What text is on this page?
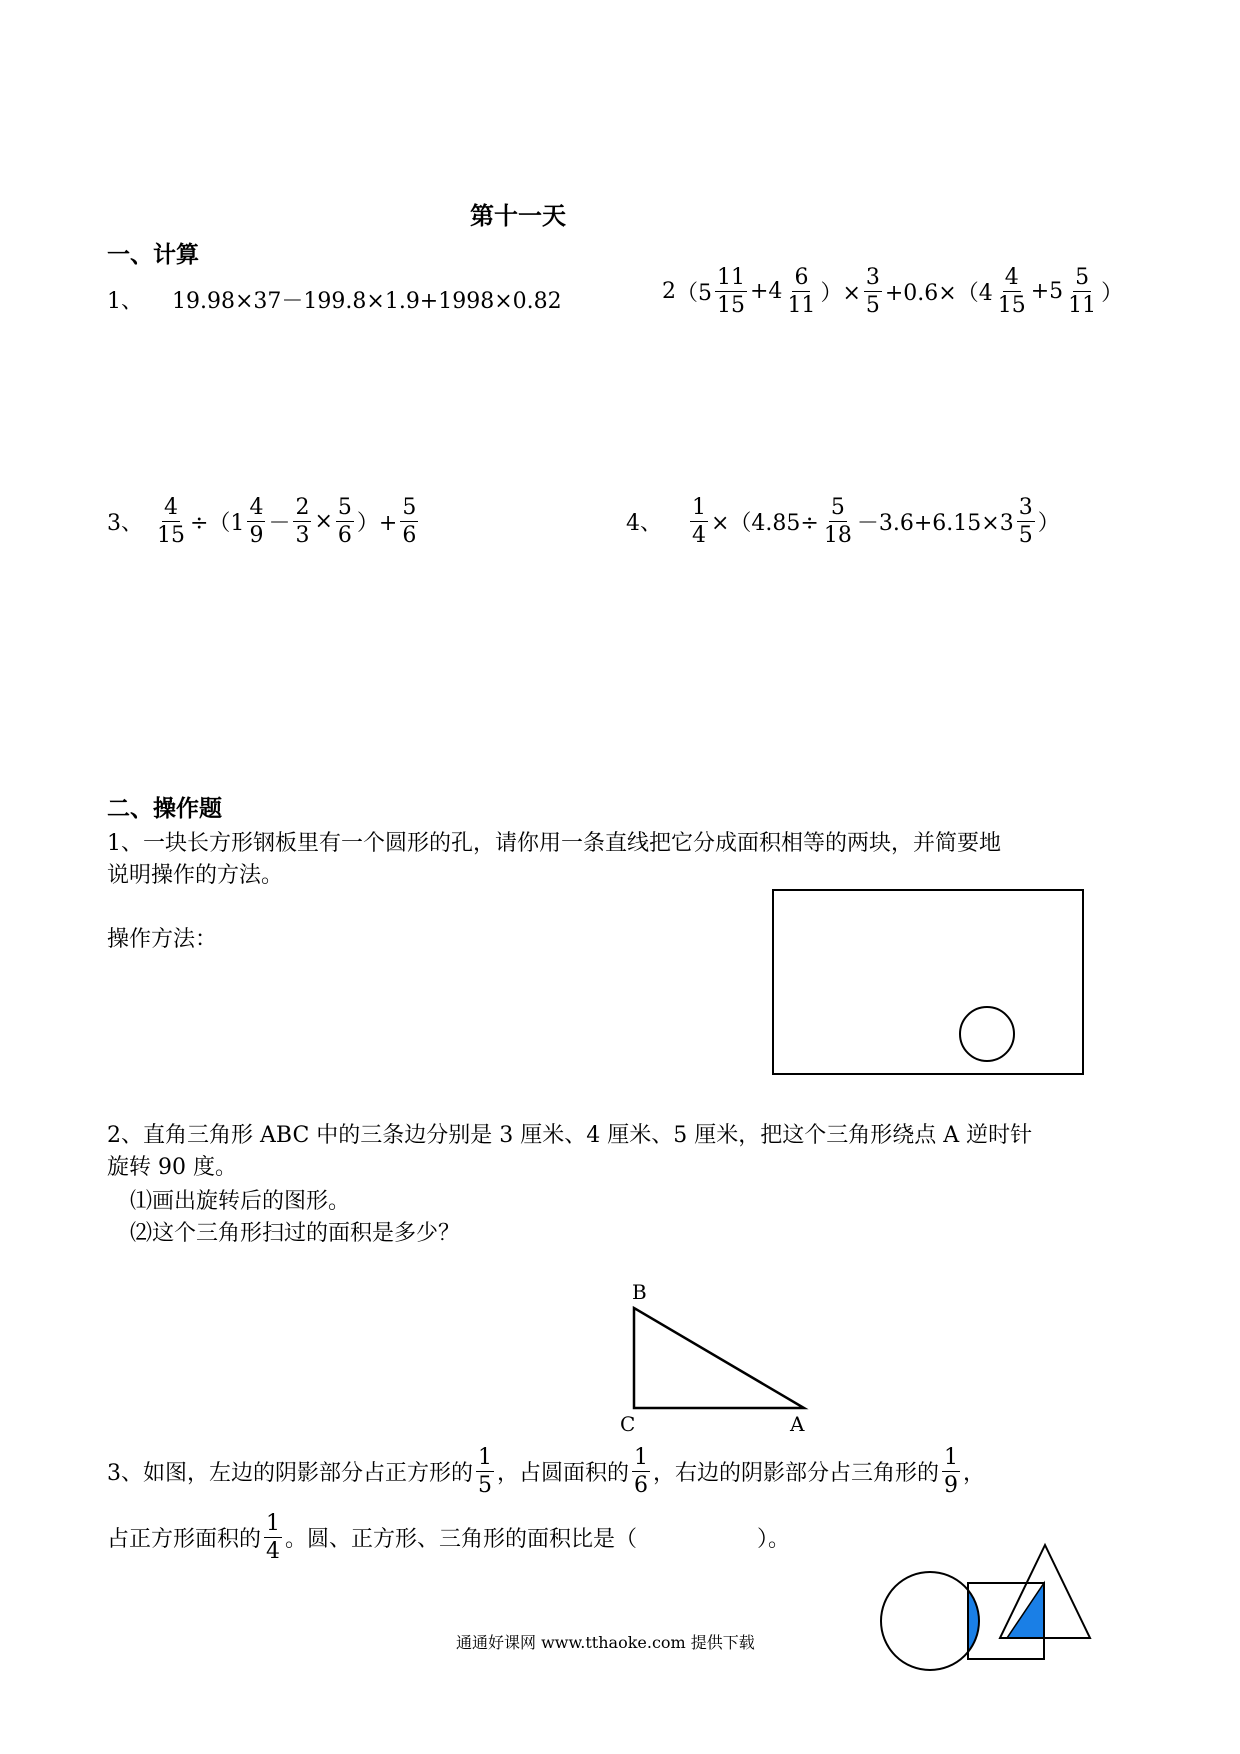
第十一天
一、计算
1、 19.98×37－199.8×1.9+1998×0.82	2 （$5 \frac{11}{15} +4 \frac{6}{11}$ ）× $\frac{3}{5} +0.6\times(4 \frac{4}{15} +5 \frac{5}{11}$ ）
3、 $\frac{4}{15} \div(1 \frac{4}{9} - \frac{2}{3} \times \frac{5}{6}$ ）+ $\frac{5}{6}$	4、 $\frac{1}{4} \times(4.85\div \frac{5}{18} -3.6+6.15\times 3 \frac{3}{5}$ ）
二、操作题
1、一块长方形钢板里有一个圆形的孔，请你用一条直线把它分成面积相等的两块，并简要地
说明操作的方法。
操作方法：
2、直角三角形 ABC 中的三条边分别是 3 厘米、4 厘米、5 厘米，把这个三角形绕点 A 逆时针
旋转 90 度。
⑴画出旋转后的图形。
⑵这个三角形扫过的面积是多少？
B
C	A
3、如图，左边的阴影部分占正方形的 $\frac{1}{5}$ ，占圆面积的 $\frac{1}{6}$ ，右边的阴影部分占三角形的 $\frac{1}{9}$ ，
占正方形面积的 $\frac{1}{4}$ 。圆、正方形、三角形的面积比是（	）。
通通好课网 www.tthaoke.com 提供下载
